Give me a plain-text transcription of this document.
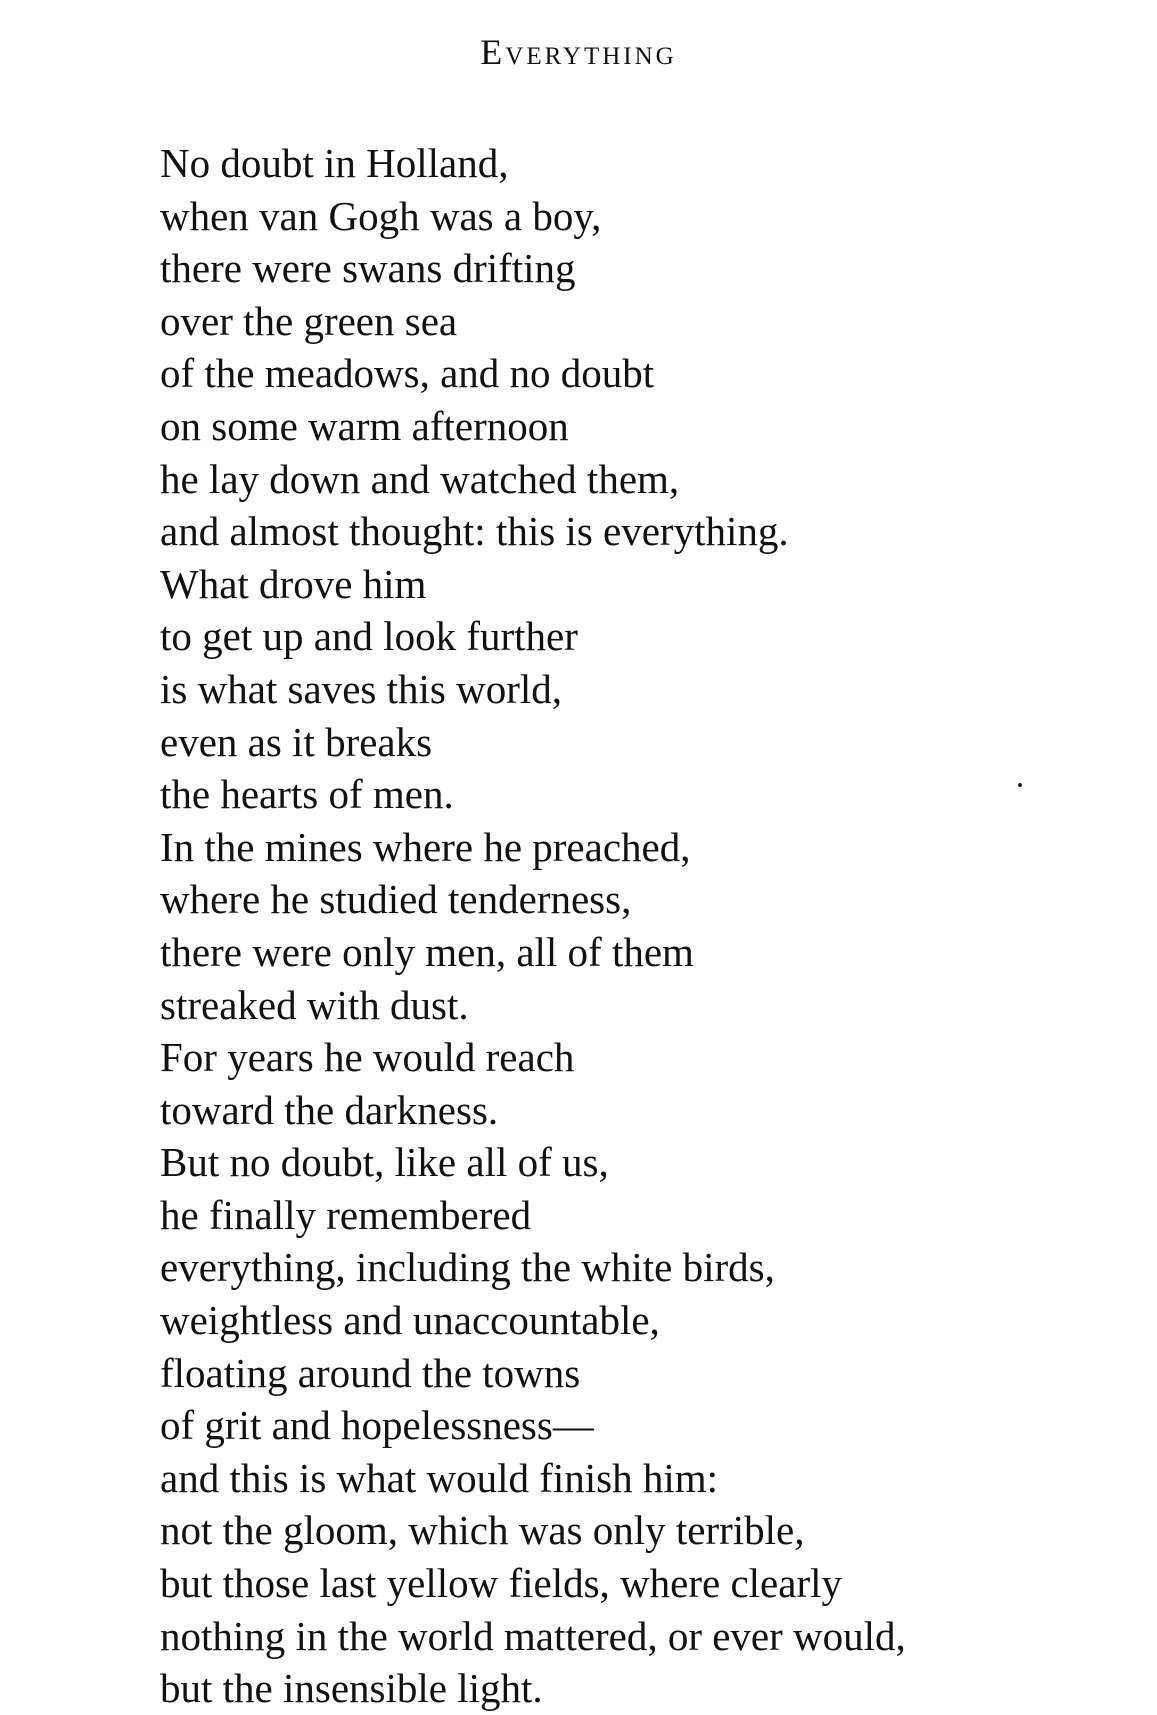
Everything
No doubt in Holland,
when van Gogh was a boy,
there were swans drifting
over the green sea
of the meadows, and no doubt
on some warm afternoon
he lay down and watched them,
and almost thought: this is everything.
What drove him
to get up and look further
is what saves this world,
even as it breaks
the hearts of men.
In the mines where he preached,
where he studied tenderness,
there were only men, all of them
streaked with dust.
For years he would reach
toward the darkness.
But no doubt, like all of us,
he finally remembered
everything, including the white birds,
weightless and unaccountable,
floating around the towns
of grit and hopelessness—
and this is what would finish him:
not the gloom, which was only terrible,
but those last yellow fields, where clearly
nothing in the world mattered, or ever would,
but the insensible light.
